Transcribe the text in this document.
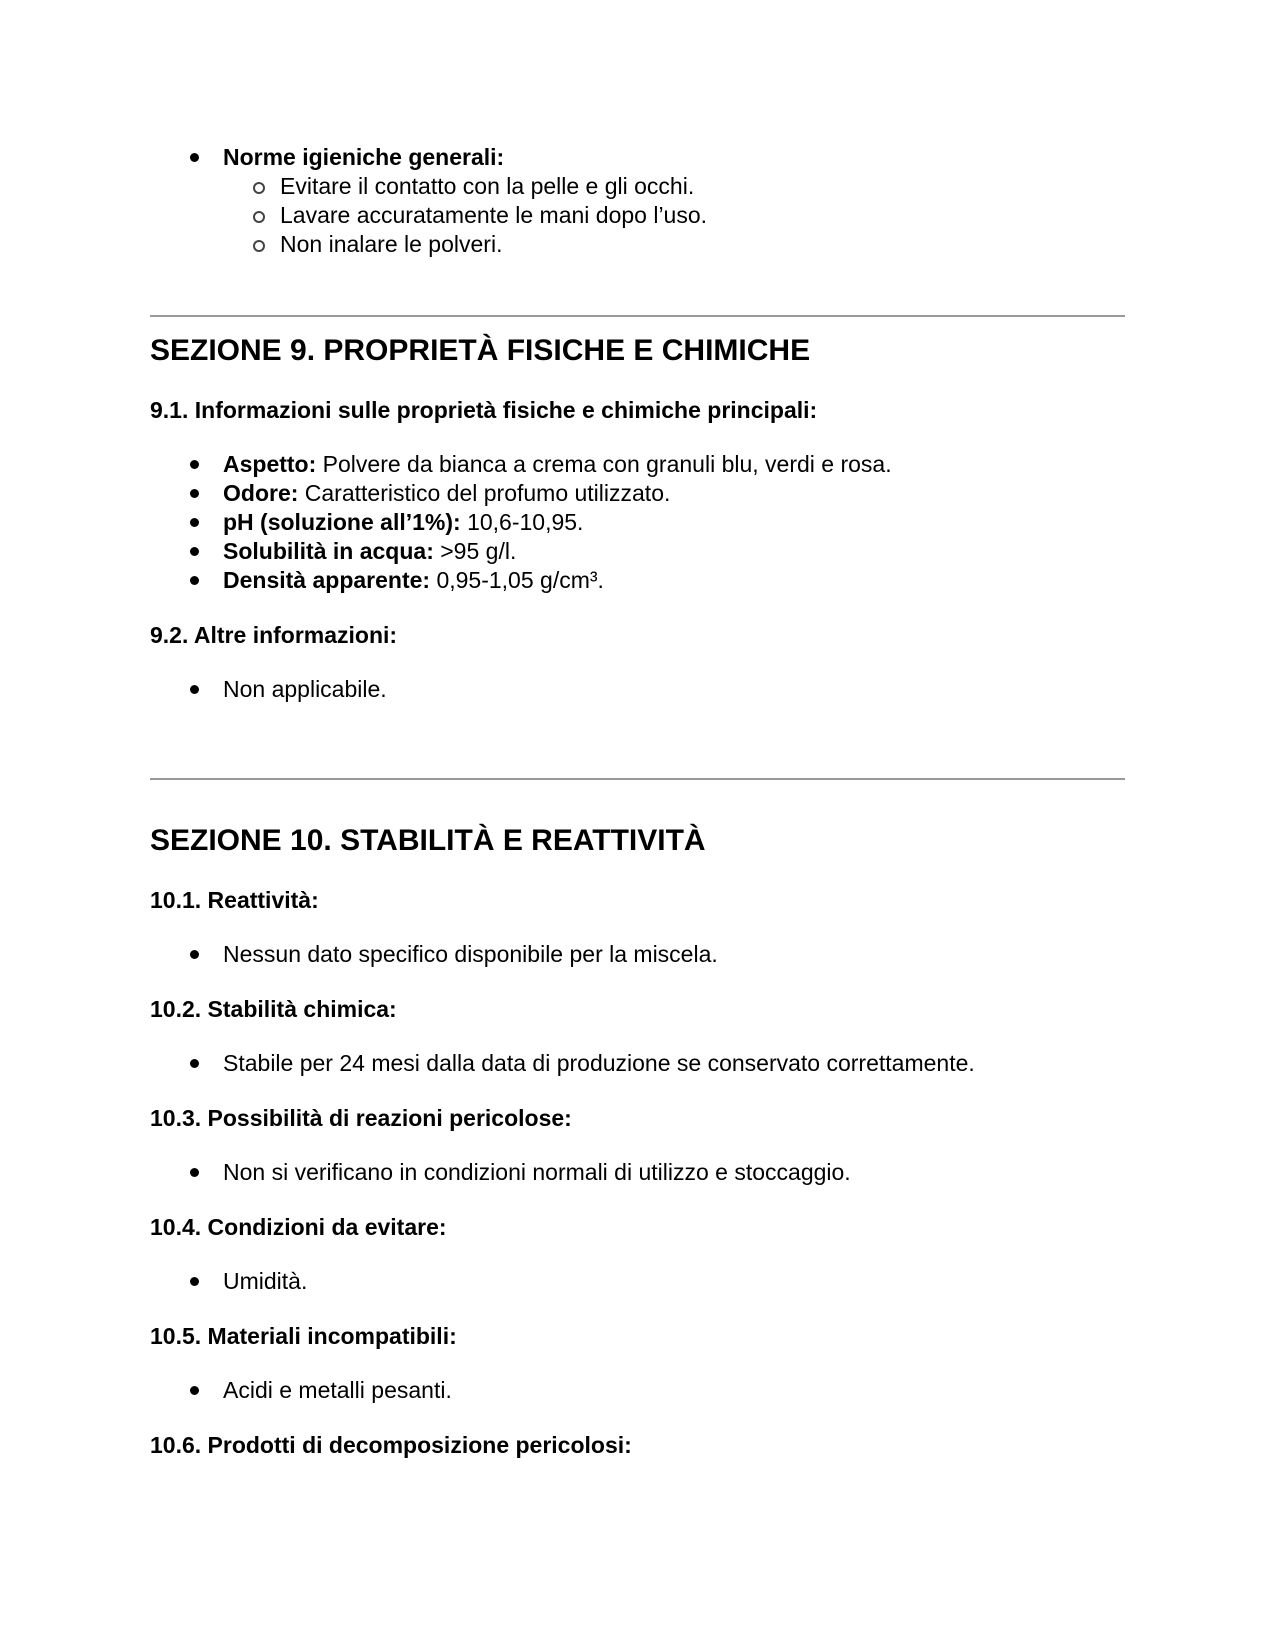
Norme igieniche generali:
Evitare il contatto con la pelle e gli occhi.
Lavare accuratamente le mani dopo l’uso.
Non inalare le polveri.
SEZIONE 9. PROPRIETÀ FISICHE E CHIMICHE
9.1. Informazioni sulle proprietà fisiche e chimiche principali:
Aspetto: Polvere da bianca a crema con granuli blu, verdi e rosa.
Odore: Caratteristico del profumo utilizzato.
pH (soluzione all’1%): 10,6-10,95.
Solubilità in acqua: >95 g/l.
Densità apparente: 0,95-1,05 g/cm³.
9.2. Altre informazioni:
Non applicabile.
SEZIONE 10. STABILITÀ E REATTIVITÀ
10.1. Reattività:
Nessun dato specifico disponibile per la miscela.
10.2. Stabilità chimica:
Stabile per 24 mesi dalla data di produzione se conservato correttamente.
10.3. Possibilità di reazioni pericolose:
Non si verificano in condizioni normali di utilizzo e stoccaggio.
10.4. Condizioni da evitare:
Umidità.
10.5. Materiali incompatibili:
Acidi e metalli pesanti.
10.6. Prodotti di decomposizione pericolosi:
